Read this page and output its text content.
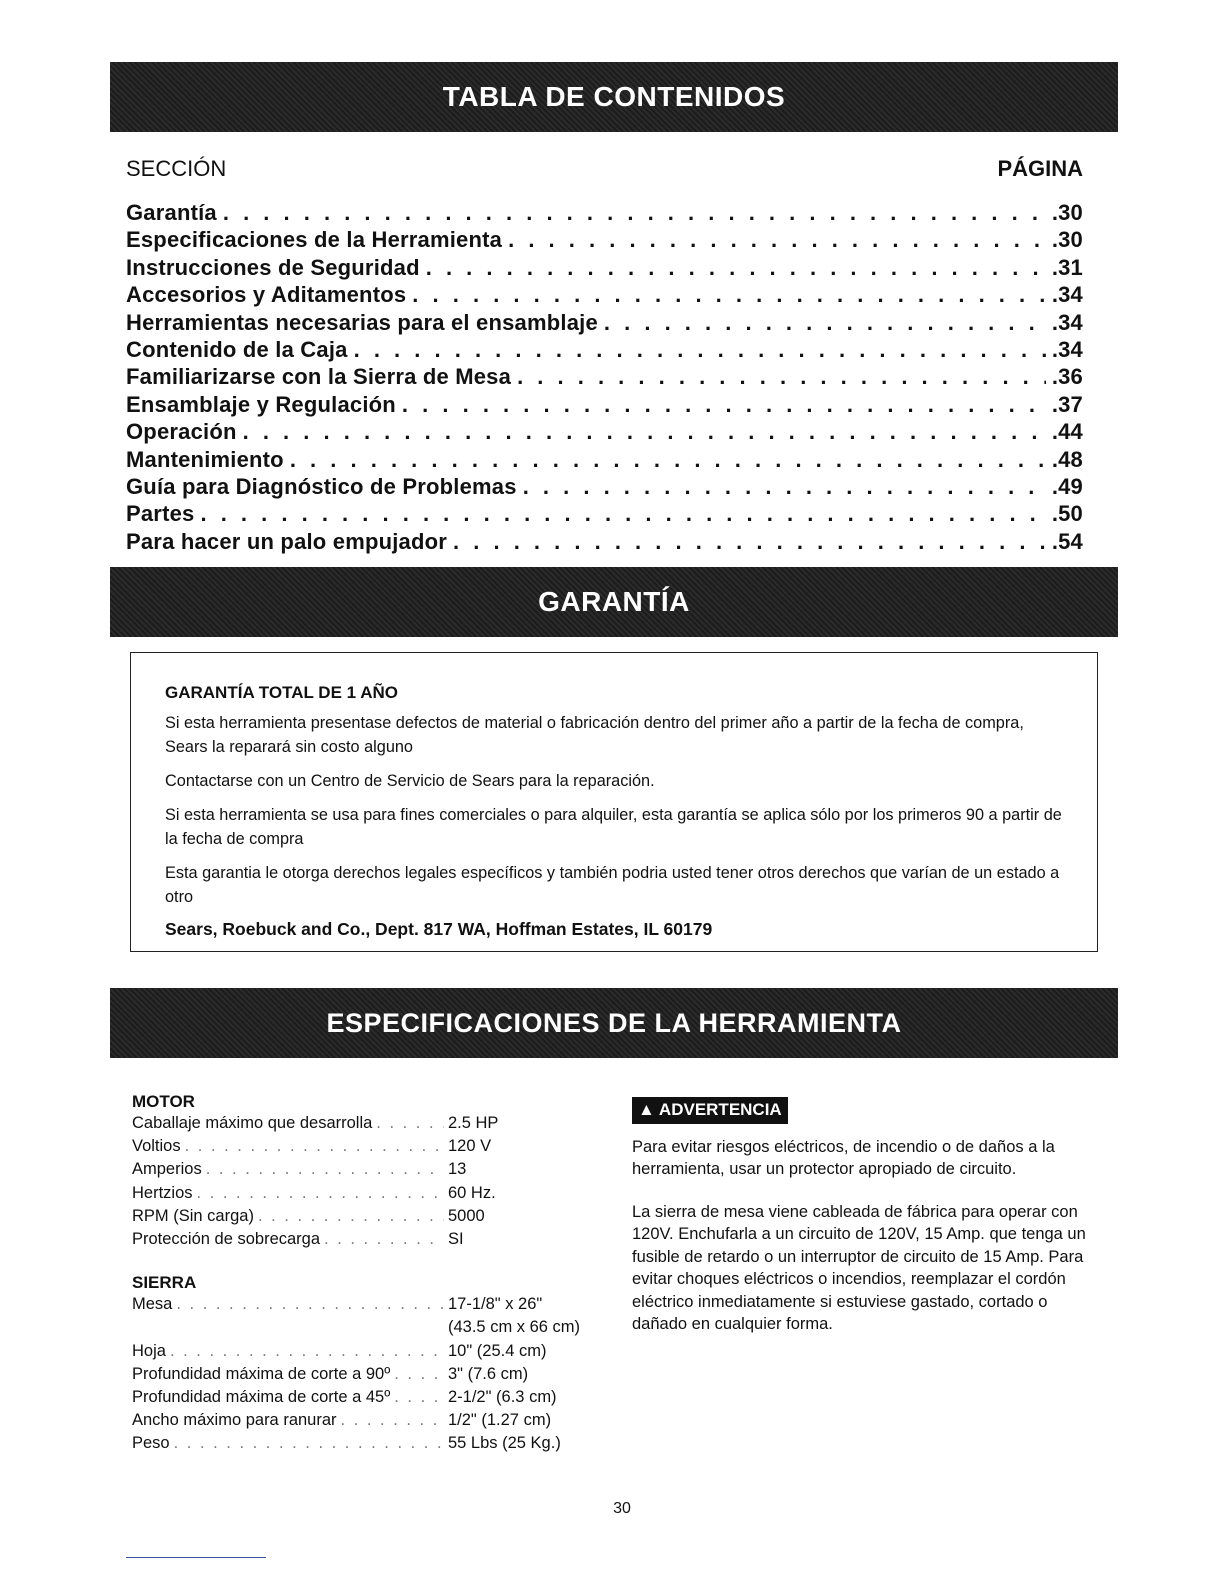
TABLA DE CONTENIDOS
SECCIÓN	PÁGINA
Garantía . . .	.30
Especificaciones de la Herramienta . . .	.30
Instrucciones de Seguridad . . .	.31
Accesorios y Aditamentos . . .	.34
Herramientas necesarias para el ensamblaje . . .	.34
Contenido de la Caja . . .	.34
Familiarizarse con la Sierra de Mesa . . .	.36
Ensamblaje y Regulación . . .	.37
Operación . . .	.44
Mantenimiento . . .	.48
Guía para Diagnóstico de Problemas . . .	.49
Partes . . .	.50
Para hacer un palo empujador . . .	.54
GARANTÍA
GARANTÍA TOTAL DE 1 AÑO

Si esta herramienta presentase defectos de material o fabricación dentro del primer año a partir de la fecha de compra, Sears la reparará sin costo alguno

Contactarse con un Centro de Servicio de Sears para la reparación.

Si esta herramienta se usa para fines comerciales o para alquiler, esta garantía se aplica sólo por los primeros 90 a partir de la fecha de compra

Esta garantia le otorga derechos legales específicos y también podria usted tener otros derechos que varían de un estado a otro

Sears, Roebuck and Co., Dept. 817 WA, Hoffman Estates, IL 60179
ESPECIFICACIONES DE LA HERRAMIENTA
MOTOR
Caballaje máximo que desarrolla . . .	2.5 HP
Voltios . . .	120 V
Amperios . . .	13
Hertzios . . .	60 Hz.
RPM (Sin carga) . . .	5000
Protección de sobrecarga . . .	SI
SIERRA
Mesa . . .	17-1/8" x 26"
(43.5 cm x 66 cm)
Hoja . . .	10" (25.4 cm)
Profundidad máxima de corte a 90º . . .	3" (7.6 cm)
Profundidad máxima de corte a 45º . . .	2-1/2" (6.3 cm)
Ancho máximo para ranurar . . .	1/2" (1.27 cm)
Peso . . .	55 Lbs (25 Kg.)
▲ ADVERTENCIA

Para evitar riesgos eléctricos, de incendio o de daños a la herramienta, usar un protector apropiado de circuito.

La sierra de mesa viene cableada de fábrica para operar con 120V. Enchufarla a un circuito de 120V, 15 Amp. que tenga un fusible de retardo o un interruptor de circuito de 15 Amp. Para evitar choques eléctricos o incendios, reemplazar el cordón eléctrico inmediatamente si estuviese gastado, cortado o dañado en cualquier forma.

30
